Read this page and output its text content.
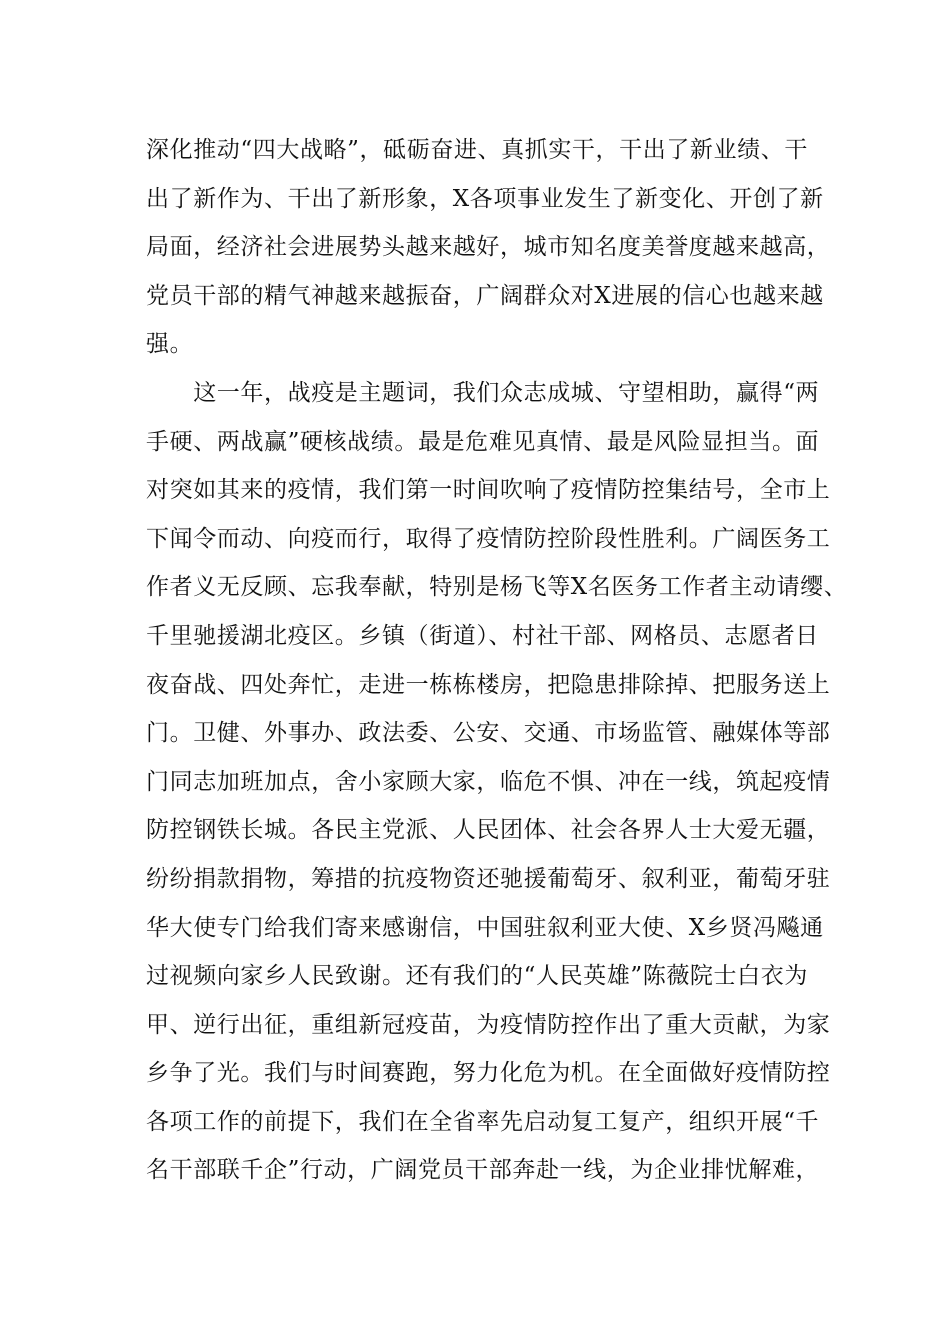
深化推动“四大战略”，砥砺奋进、真抓实干，干出了新业绩、干
出了新作为、干出了新形象，X各项事业发生了新变化、开创了新
局面，经济社会进展势头越来越好，城市知名度美誉度越来越高，
党员干部的精气神越来越振奋，广阔群众对X进展的信心也越来越
强。
　　这一年，战疫是主题词，我们众志成城、守望相助，赢得“两
手硬、两战赢”硬核战绩。最是危难见真情、最是风险显担当。面
对突如其来的疫情，我们第一时间吹响了疫情防控集结号，全市上
下闻令而动、向疫而行，取得了疫情防控阶段性胜利。广阔医务工
作者义无反顾、忘我奉献，特别是杨飞等X名医务工作者主动请缨、
千里驰援湖北疫区。乡镇（街道）、村社干部、网格员、志愿者日
夜奋战、四处奔忙，走进一栋栋楼房，把隐患排除掉、把服务送上
门。卫健、外事办、政法委、公安、交通、市场监管、融媒体等部
门同志加班加点，舍小家顾大家，临危不惧、冲在一线，筑起疫情
防控钢铁长城。各民主党派、人民团体、社会各界人士大爱无疆，
纷纷捐款捐物，筹措的抗疫物资还驰援葡萄牙、叙利亚，葡萄牙驻
华大使专门给我们寄来感谢信，中国驻叙利亚大使、X乡贤冯飚通
过视频向家乡人民致谢。还有我们的“人民英雄”陈薇院士白衣为
甲、逆行出征，重组新冠疫苗，为疫情防控作出了重大贡献，为家
乡争了光。我们与时间赛跑，努力化危为机。在全面做好疫情防控
各项工作的前提下，我们在全省率先启动复工复产，组织开展“千
名干部联千企”行动，广阔党员干部奔赴一线，为企业排忧解难，
